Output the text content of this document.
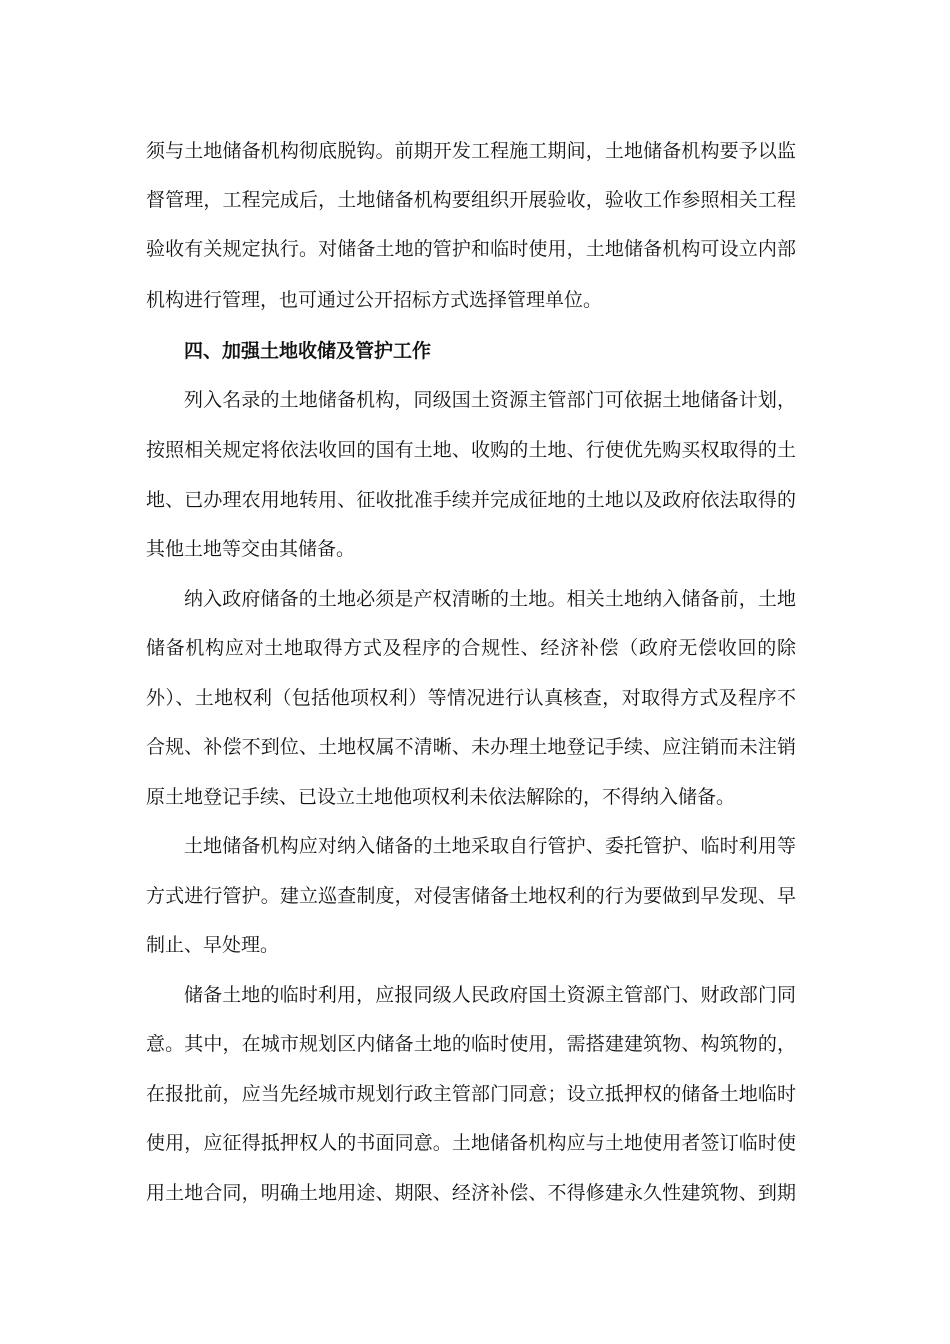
须与土地储备机构彻底脱钩。前期开发工程施工期间，土地储备机构要予以监
督管理，工程完成后，土地储备机构要组织开展验收，验收工作参照相关工程
验收有关规定执行。对储备土地的管护和临时使用，土地储备机构可设立内部
机构进行管理，也可通过公开招标方式选择管理单位。
四、加强土地收储及管护工作
列入名录的土地储备机构，同级国土资源主管部门可依据土地储备计划，
按照相关规定将依法收回的国有土地、收购的土地、行使优先购买权取得的土
地、已办理农用地转用、征收批准手续并完成征地的土地以及政府依法取得的
其他土地等交由其储备。
纳入政府储备的土地必须是产权清晰的土地。相关土地纳入储备前，土地
储备机构应对土地取得方式及程序的合规性、经济补偿（政府无偿收回的除
外）、土地权利（包括他项权利）等情况进行认真核查，对取得方式及程序不
合规、补偿不到位、土地权属不清晰、未办理土地登记手续、应注销而未注销
原土地登记手续、已设立土地他项权利未依法解除的，不得纳入储备。
土地储备机构应对纳入储备的土地采取自行管护、委托管护、临时利用等
方式进行管护。建立巡查制度，对侵害储备土地权利的行为要做到早发现、早
制止、早处理。
储备土地的临时利用，应报同级人民政府国土资源主管部门、财政部门同
意。其中，在城市规划区内储备土地的临时使用，需搭建建筑物、构筑物的，
在报批前，应当先经城市规划行政主管部门同意；设立抵押权的储备土地临时
使用，应征得抵押权人的书面同意。土地储备机构应与土地使用者签订临时使
用土地合同，明确土地用途、期限、经济补偿、不得修建永久性建筑物、到期
